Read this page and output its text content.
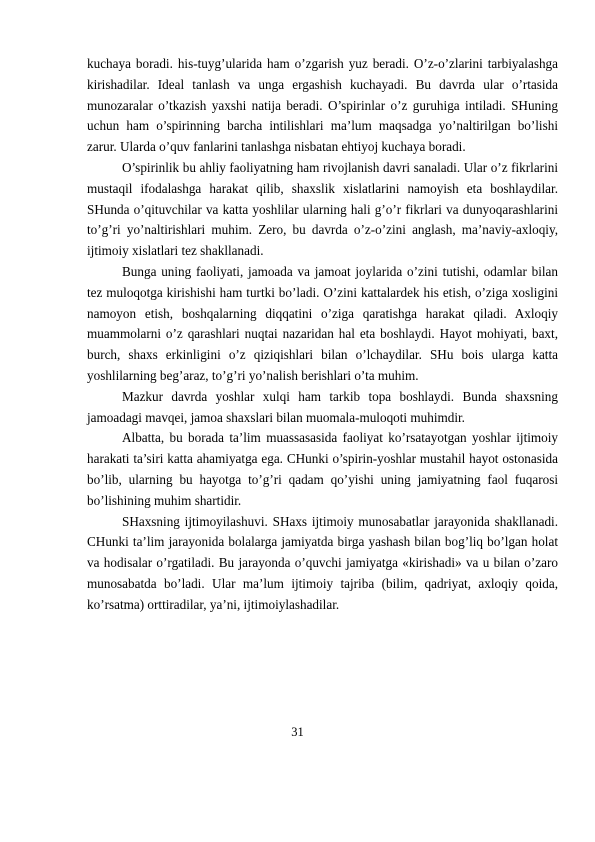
kuchaya boradi. his-tuyg’ularida ham o’zgarish yuz beradi. O’z-o’zlarini tarbiyalashga kirishadilar. Ideal tanlash va unga ergashish kuchayadi. Bu davrda ular o’rtasida munozaralar o’tkazish yaxshi natija beradi. O’spirinlar o’z guruhiga intiladi. SHuning uchun ham o’spirinning barcha intilishlari ma’lum maqsadga yo’naltirilgan bo’lishi zarur. Ularda o’quv fanlarini tanlashga nisbatan ehtiyoj kuchaya boradi.

O’spirinlik bu ahliy faoliyatning ham rivojlanish davri sanaladi. Ular o’z fikrlarini mustaqil ifodalashga harakat qilib, shaxslik xislatlarini namoyish eta boshlaydilar. SHunda o’qituvchilar va katta yoshlilar ularning hali g’o’r fikrlari va dunyoqarashlarini to’g’ri yo’naltirishlari muhim. Zero, bu davrda o’z-o’zini anglash, ma’naviy-axloqiy, ijtimoiy xislatlari tez shakllanadi.

Bunga uning faoliyati, jamoada va jamoat joylarida o’zini tutishi, odamlar bilan tez muloqotga kirishishi ham turtki bo’ladi. O’zini kattalardek his etish, o’ziga xosligini namoyon etish, boshqalarning diqqatini o’ziga qaratishga harakat qiladi. Axloqiy muammolarni o’z qarashlari nuqtai nazaridan hal eta boshlaydi. Hayot mohiyati, baxt, burch, shaxs erkinligini o’z qiziqishlari bilan o’lchaydilar. SHu bois ularga katta yoshlilarning beg’araz, to’g’ri yo’nalish berishlari o’ta muhim.

Mazkur davrda yoshlar xulqi ham tarkib topa boshlaydi. Bunda shaxsning jamoadagi mavqei, jamoa shaxslari bilan muomala-muloqoti muhimdir.

Albatta, bu borada ta’lim muassasasida faoliyat ko’rsatayotgan yoshlar ijtimoiy harakati ta’siri katta ahamiyatga ega. CHunki o’spirin-yoshlar mustahil hayot ostonasida bo’lib, ularning bu hayotga to’g’ri qadam qo’yishi uning jamiyatning faol fuqarosi bo’lishining muhim shartidir.

SHaxsning ijtimoyilashuvi. SHaxs ijtimoiy munosabatlar jarayonida shakllanadi. CHunki ta’lim jarayonida bolalarga jamiyatda birga yashash bilan bog’liq bo’lgan holat va hodisalar o’rgatiladi. Bu jarayonda o’quvchi jamiyatga «kirishadi» va u bilan o’zaro munosabatda bo’ladi. Ular ma’lum ijtimoiy tajriba (bilim, qadriyat, axloqiy qoida, ko’rsatma) orttiradilar, ya’ni, ijtimoiylashadilar.

31
